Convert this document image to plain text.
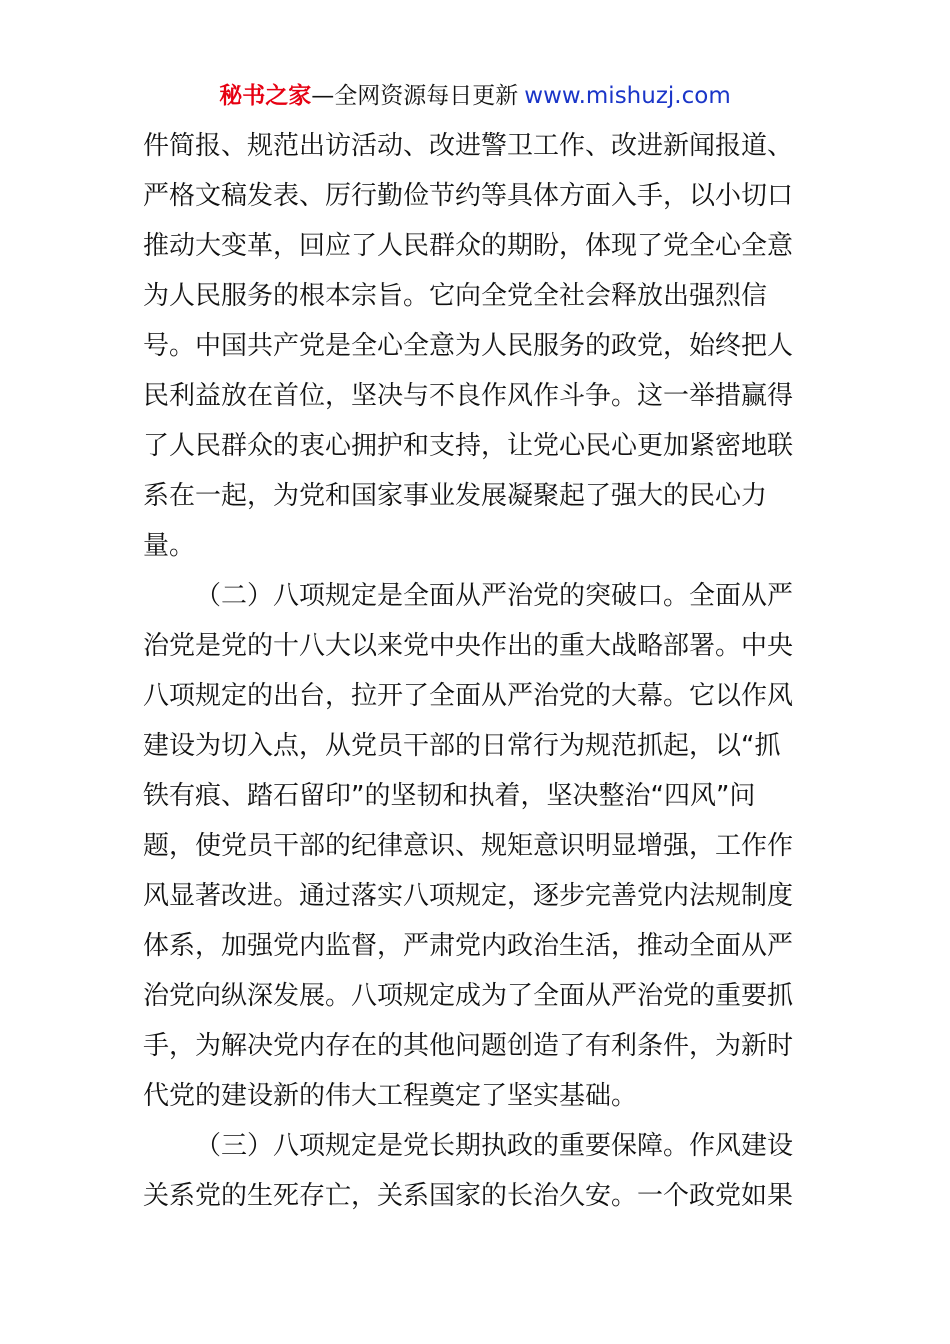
秘书之家—全网资源每日更新 www.mishuzj.com
件简报、规范出访活动、改进警卫工作、改进新闻报道、
严格文稿发表、厉行勤俭节约等具体方面入手，以小切口
推动大变革，回应了人民群众的期盼，体现了党全心全意
为人民服务的根本宗旨。它向全党全社会释放出强烈信
号。中国共产党是全心全意为人民服务的政党，始终把人
民利益放在首位，坚决与不良作风作斗争。这一举措赢得
了人民群众的衷心拥护和支持，让党心民心更加紧密地联
系在一起，为党和国家事业发展凝聚起了强大的民心力
量。
（二）八项规定是全面从严治党的突破口。全面从严
治党是党的十八大以来党中央作出的重大战略部署。中央
八项规定的出台，拉开了全面从严治党的大幕。它以作风
建设为切入点，从党员干部的日常行为规范抓起，以“抓
铁有痕、踏石留印”的坚韧和执着，坚决整治“四风”问
题，使党员干部的纪律意识、规矩意识明显增强，工作作
风显著改进。通过落实八项规定，逐步完善党内法规制度
体系，加强党内监督，严肃党内政治生活，推动全面从严
治党向纵深发展。八项规定成为了全面从严治党的重要抓
手，为解决党内存在的其他问题创造了有利条件，为新时
代党的建设新的伟大工程奠定了坚实基础。
（三）八项规定是党长期执政的重要保障。作风建设
关系党的生死存亡，关系国家的长治久安。一个政党如果
